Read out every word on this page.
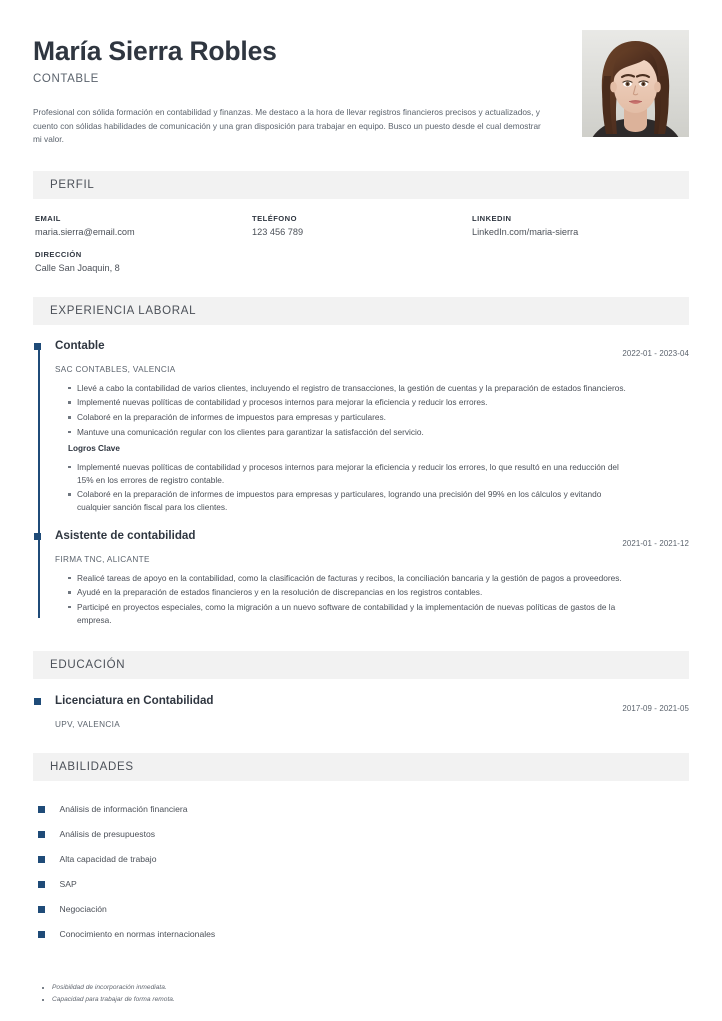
María Sierra Robles
CONTABLE
Profesional con sólida formación en contabilidad y finanzas. Me destaco a la hora de llevar registros financieros precisos y actualizados, y cuento con sólidas habilidades de comunicación y una gran disposición para trabajar en equipo. Busco un puesto desde el cual demostrar mi valor.
PERFIL
EMAIL
maria.sierra@email.com
TELÉFONO
123 456 789
LINKEDIN
LinkedIn.com/maria-sierra
DIRECCIÓN
Calle San Joaquin, 8
EXPERIENCIA LABORAL
Contable
2022-01 - 2023-04
SAC CONTABLES, VALENCIA
Llevé a cabo la contabilidad de varios clientes, incluyendo el registro de transacciones, la gestión de cuentas y la preparación de estados financieros.
Implementé nuevas políticas de contabilidad y procesos internos para mejorar la eficiencia y reducir los errores.
Colaboré en la preparación de informes de impuestos para empresas y particulares.
Mantuve una comunicación regular con los clientes para garantizar la satisfacción del servicio.
Logros Clave
Implementé nuevas políticas de contabilidad y procesos internos para mejorar la eficiencia y reducir los errores, lo que resultó en una reducción del 15% en los errores de registro contable.
Colaboré en la preparación de informes de impuestos para empresas y particulares, logrando una precisión del 99% en los cálculos y evitando cualquier sanción fiscal para los clientes.
Asistente de contabilidad
2021-01 - 2021-12
FIRMA TNC, ALICANTE
Realicé tareas de apoyo en la contabilidad, como la clasificación de facturas y recibos, la conciliación bancaria y la gestión de pagos a proveedores.
Ayudé en la preparación de estados financieros y en la resolución de discrepancias en los registros contables.
Participé en proyectos especiales, como la migración a un nuevo software de contabilidad y la implementación de nuevas políticas de gastos de la empresa.
EDUCACIÓN
Licenciatura en Contabilidad
2017-09 - 2021-05
UPV, VALENCIA
HABILIDADES
Análisis de información financiera
Análisis de presupuestos
Alta capacidad de trabajo
SAP
Negociación
Conocimiento en normas internacionales
Posibilidad de incorporación inmediata.
Capacidad para trabajar de forma remota.
